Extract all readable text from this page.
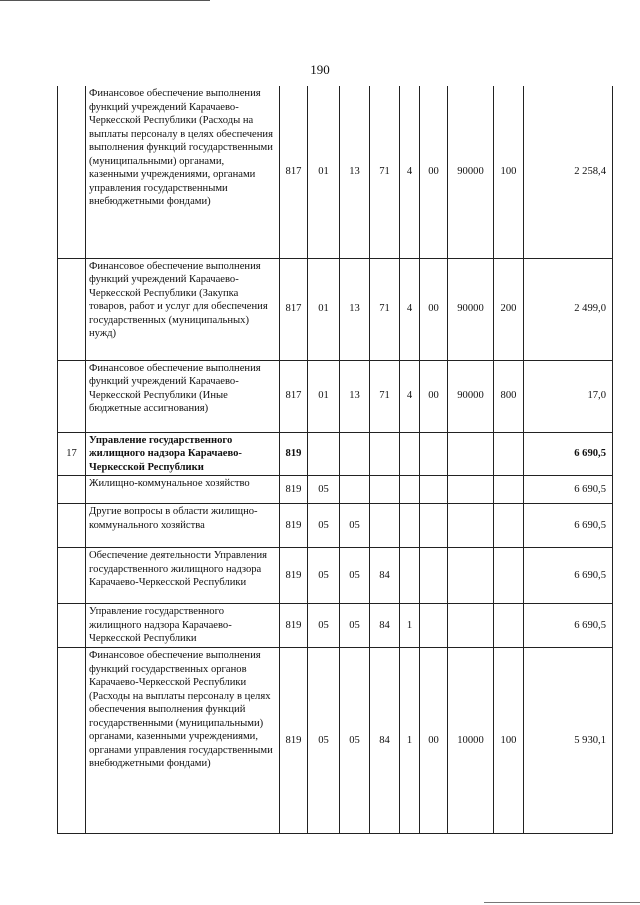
190
	Финансовое обеспечение выполнения функций учреждений Карачаево-Черкесской Республики (Расходы на выплаты персоналу в целях обеспечения выполнения функций государственными (муниципальными) органами, казенными учреждениями, органами управления государственными внебюджетными фондами)	817	01	13	71	4	00	90000	100	2 258,4
	Финансовое обеспечение выполнения функций учреждений Карачаево-Черкесской Республики (Закупка товаров, работ и услуг для обеспечения государственных (муниципальных) нужд)	817	01	13	71	4	00	90000	200	2 499,0
	Финансовое обеспечение выполнения функций учреждений Карачаево-Черкесской Республики (Иные бюджетные ассигнования)	817	01	13	71	4	00	90000	800	17,0
17	Управление государственного жилищного надзора Карачаево-Черкесской Республики	819								6 690,5
	Жилищно-коммунальное хозяйство	819	05							6 690,5
	Другие вопросы в области жилищно-коммунального хозяйства	819	05	05						6 690,5
	Обеспечение деятельности Управления государственного жилищного надзора Карачаево-Черкесской Республики	819	05	05	84					6 690,5
	Управление государственного жилищного надзора Карачаево-Черкесской Республики	819	05	05	84	1				6 690,5
	Финансовое обеспечение выполнения функций государственных органов Карачаево-Черкесской Республики (Расходы на выплаты персоналу в целях обеспечения выполнения функций государственными (муниципальными) органами, казенными учреждениями, органами управления государственными внебюджетными фондами)	819	05	05	84	1	00	10000	100	5 930,1
